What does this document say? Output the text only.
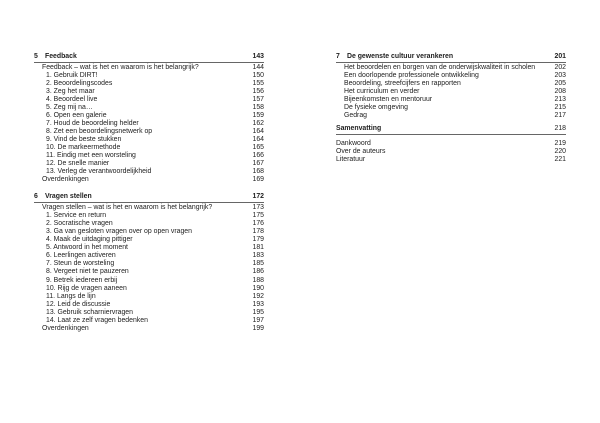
5 Feedback	143
Feedback – wat is het en waarom is het belangrijk?	144
1. Gebruik DIRT!	150
2. Beoordelingscodes	155
3. Zeg het maar	156
4. Beoordeel live	157
5. Zeg mij na…	158
6. Open een galerie	159
7. Houd de beoordeling helder	162
8. Zet een beoordelingsnetwerk op	164
9. Vind de beste stukken	164
10. De markeermethode	165
11. Eindig met een worsteling	166
12. De snelle manier	167
13. Verleg de verantwoordelijkheid	168
Overdenkingen	169
6 Vragen stellen	172
Vragen stellen – wat is het en waarom is het belangrijk?	173
1. Service en return	175
2. Socratische vragen	176
3. Ga van gesloten vragen over op open vragen	178
4. Maak de uitdaging pittiger	179
5. Antwoord in het moment	181
6. Leerlingen activeren	183
7. Steun de worsteling	185
8. Vergeet niet te pauzeren	186
9. Betrek iedereen erbij	188
10. Rijg de vragen aaneen	190
11. Langs de lijn	192
12. Leid de discussie	193
13. Gebruik scharniervragen	195
14. Laat ze zelf vragen bedenken	197
Overdenkingen	199
7 De gewenste cultuur verankeren	201
Het beoordelen en borgen van de onderwijskwaliteit in scholen	202
Een doorlopende professionele ontwikkeling	203
Beoordeling, streefcijfers en rapporten	205
Het curriculum en verder	208
Bijeenkomsten en mentoruur	213
De fysieke omgeving	215
Gedrag	217
Samenvatting	218
Dankwoord	219
Over de auteurs	220
Literatuur	221
